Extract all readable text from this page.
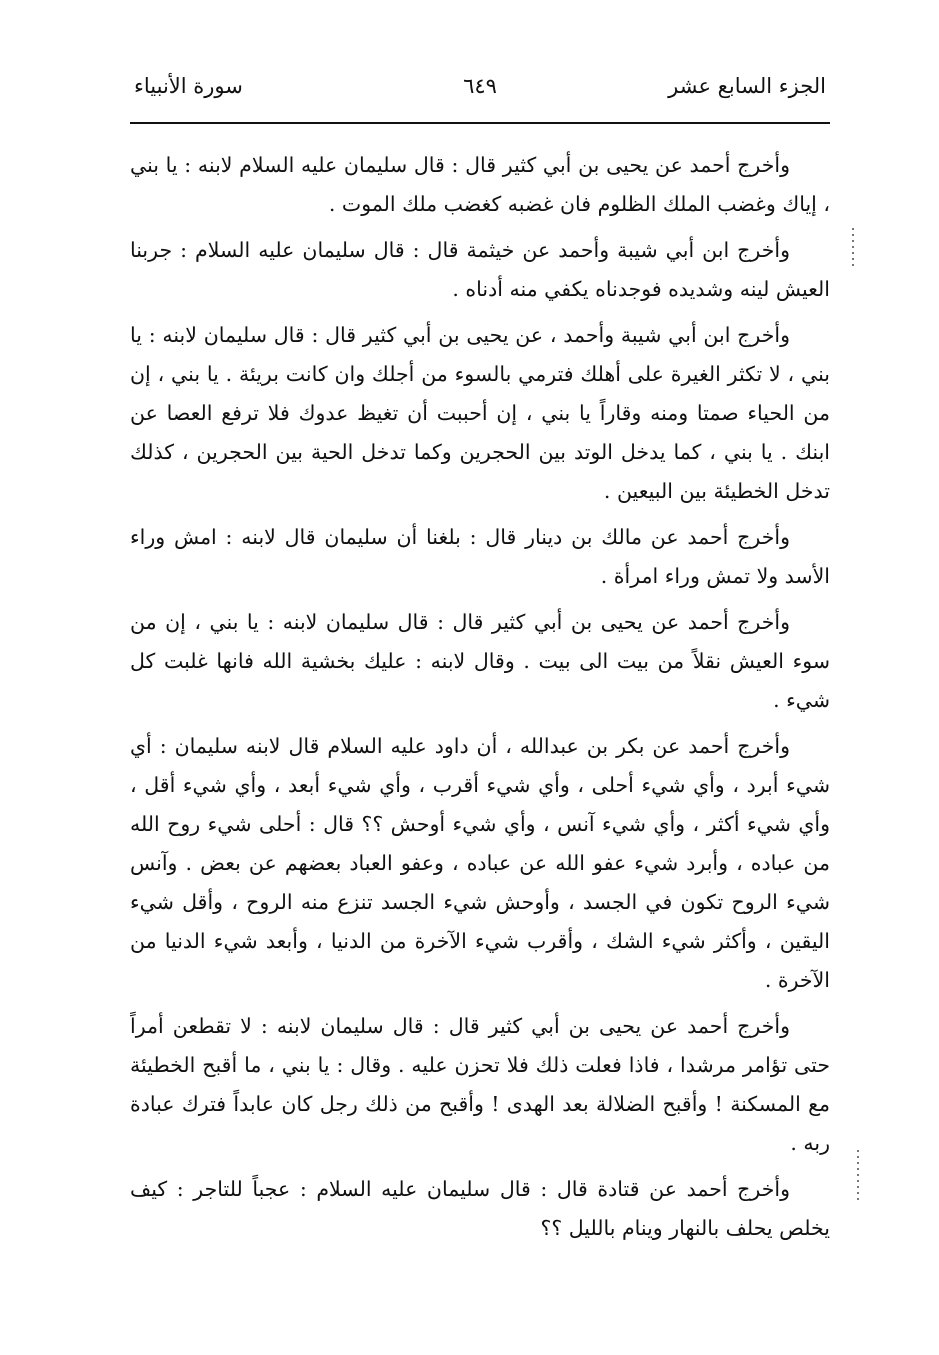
الجزء السابع عشر
٦٤٩
سورة الأنبياء

وأخرج أحمد عن يحيى بن أبي كثير قال : قال سليمان عليه السلام لابنه : يا بني ، إياك وغضب الملك الظلوم فان غضبه كغضب ملك الموت .

وأخرج ابن أبي شيبة وأحمد عن خيثمة قال : قال سليمان عليه السلام : جربنا العيش لينه وشديده فوجدناه يكفي منه أدناه .

وأخرج ابن أبي شيبة وأحمد ، عن يحيى بن أبي كثير قال : قال سليمان لابنه : يا بني ، لا تكثر الغيرة على أهلك فترمي بالسوء من أجلك وان كانت بريئة . يا بني ، إن من الحياء صمتا ومنه وقاراً يا بني ، إن أحببت أن تغيظ عدوك فلا ترفع العصا عن ابنك . يا بني ، كما يدخل الوتد بين الحجرين وكما تدخل الحية بين الحجرين ، كذلك تدخل الخطيئة بين البيعين .

وأخرج أحمد عن مالك بن دينار قال : بلغنا أن سليمان قال لابنه : امش وراء الأسد ولا تمش وراء امرأة .

وأخرج أحمد عن يحيى بن أبي كثير قال : قال سليمان لابنه : يا بني ، إن من سوء العيش نقلاً من بيت الى بيت . وقال لابنه : عليك بخشية الله فانها غلبت كل شيء .

وأخرج أحمد عن بكر بن عبدالله ، أن داود عليه السلام قال لابنه سليمان : أي شيء أبرد ، وأي شيء أحلى ، وأي شيء أقرب ، وأي شيء أبعد ، وأي شيء أقل ، وأي شيء أكثر ، وأي شيء آنس ، وأي شيء أوحش ؟؟ قال : أحلى شيء روح الله من عباده ، وأبرد شيء عفو الله عن عباده ، وعفو العباد بعضهم عن بعض . وآنس شيء الروح تكون في الجسد ، وأوحش شيء الجسد تنزع منه الروح ، وأقل شيء اليقين ، وأكثر شيء الشك ، وأقرب شيء الآخرة من الدنيا ، وأبعد شيء الدنيا من الآخرة .

وأخرج أحمد عن يحيى بن أبي كثير قال : قال سليمان لابنه : لا تقطعن أمراً حتى تؤامر مرشدا ، فاذا فعلت ذلك فلا تحزن عليه . وقال : يا بني ، ما أقبح الخطيئة مع المسكنة ! وأقبح الضلالة بعد الهدى ! وأقبح من ذلك رجل كان عابداً فترك عبادة ربه .

وأخرج أحمد عن قتادة قال : قال سليمان عليه السلام : عجباً للتاجر : كيف يخلص يحلف بالنهار وينام بالليل ؟؟
